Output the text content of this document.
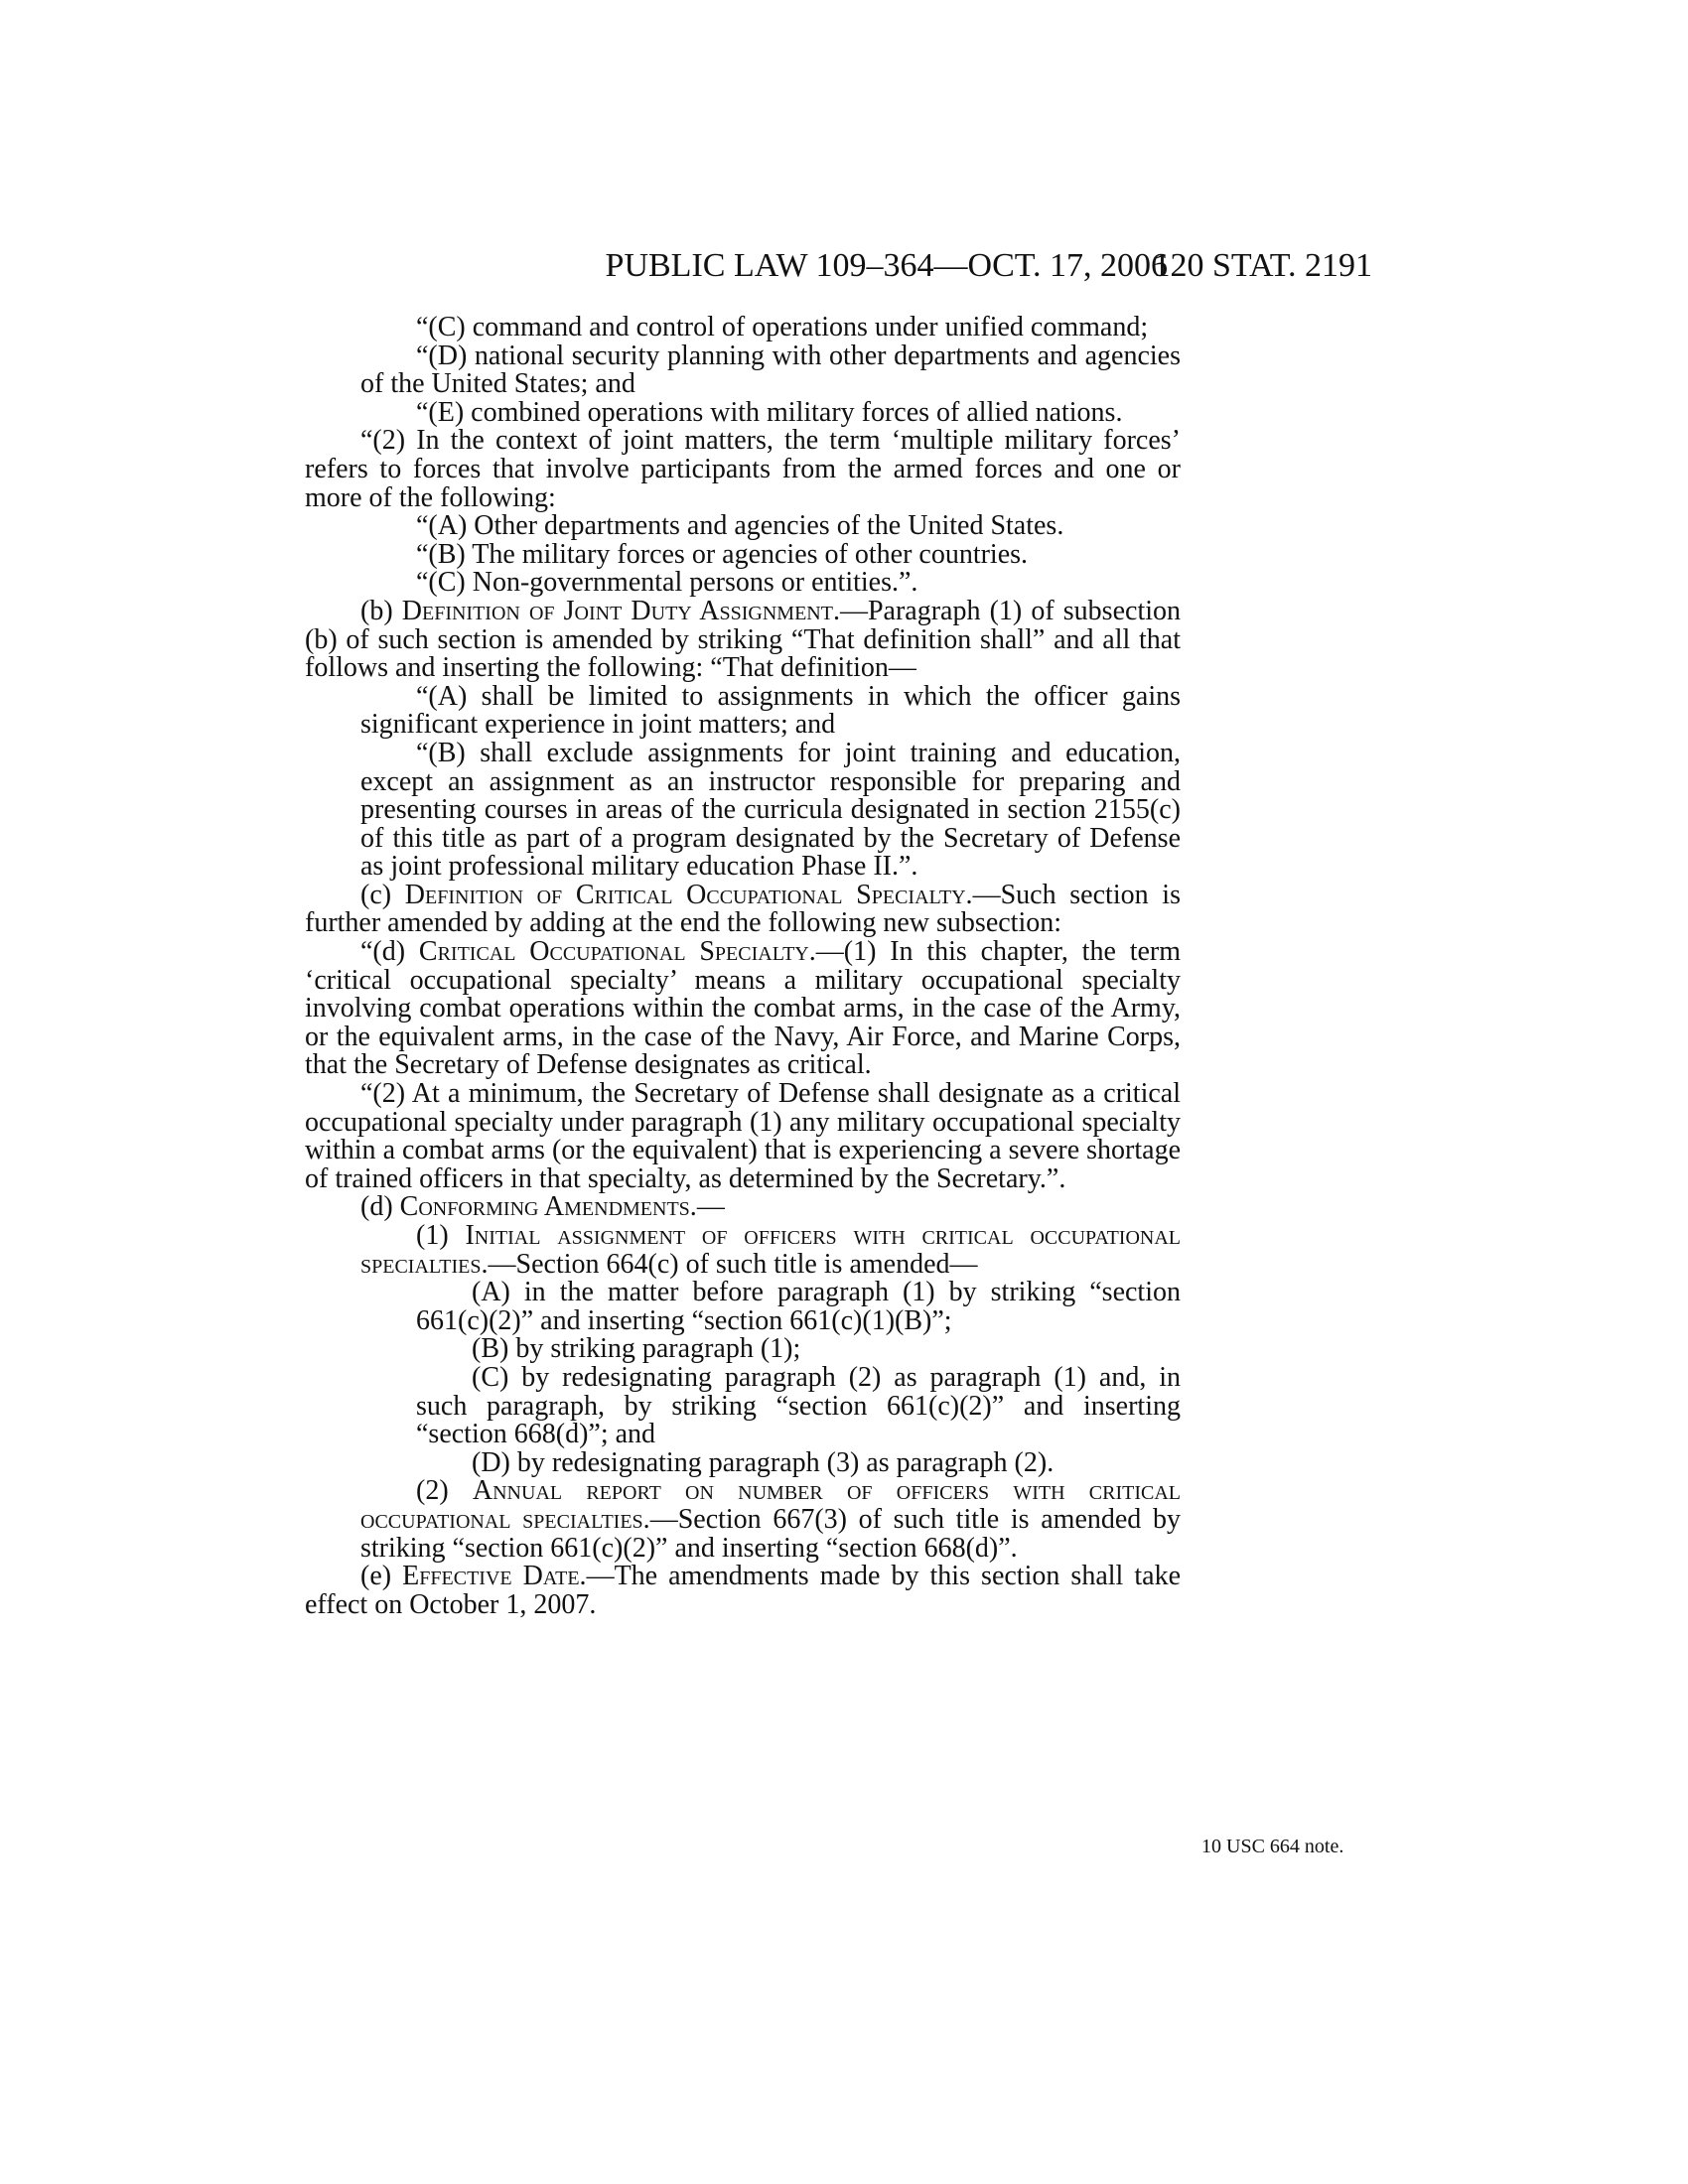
PUBLIC LAW 109–364—OCT. 17, 2006
120 STAT. 2191

“(C) command and control of operations under unified command;

“(D) national security planning with other departments and agencies of the United States; and

“(E) combined operations with military forces of allied nations.

“(2) In the context of joint matters, the term ‘multiple military forces’ refers to forces that involve participants from the armed forces and one or more of the following:

“(A) Other departments and agencies of the United States.

“(B) The military forces or agencies of other countries.

“(C) Non-governmental persons or entities.”.

(b) Definition of Joint Duty Assignment.—Paragraph (1) of subsection (b) of such section is amended by striking “That definition shall” and all that follows and inserting the following: “That definition—

“(A) shall be limited to assignments in which the officer gains significant experience in joint matters; and

“(B) shall exclude assignments for joint training and education, except an assignment as an instructor responsible for preparing and presenting courses in areas of the curricula designated in section 2155(c) of this title as part of a program designated by the Secretary of Defense as joint professional military education Phase II.”.

(c) Definition of Critical Occupational Specialty.—Such section is further amended by adding at the end the following new subsection:

“(d) Critical Occupational Specialty.—(1) In this chapter, the term ‘critical occupational specialty’ means a military occupational specialty involving combat operations within the combat arms, in the case of the Army, or the equivalent arms, in the case of the Navy, Air Force, and Marine Corps, that the Secretary of Defense designates as critical.

“(2) At a minimum, the Secretary of Defense shall designate as a critical occupational specialty under paragraph (1) any military occupational specialty within a combat arms (or the equivalent) that is experiencing a severe shortage of trained officers in that specialty, as determined by the Secretary.”.

(d) Conforming Amendments.—

(1) Initial assignment of officers with critical occupational specialties.—Section 664(c) of such title is amended—

(A) in the matter before paragraph (1) by striking “section 661(c)(2)” and inserting “section 661(c)(1)(B)”;

(B) by striking paragraph (1);

(C) by redesignating paragraph (2) as paragraph (1) and, in such paragraph, by striking “section 661(c)(2)” and inserting “section 668(d)”; and

(D) by redesignating paragraph (3) as paragraph (2).

(2) Annual report on number of officers with critical occupational specialties.—Section 667(3) of such title is amended by striking “section 661(c)(2)” and inserting “section 668(d)”.

(e) Effective Date.—The amendments made by this section shall take effect on October 1, 2007.

10 USC 664 note.
